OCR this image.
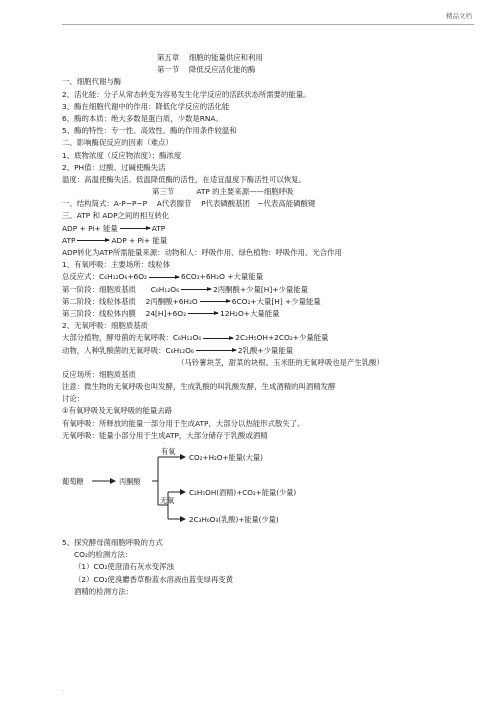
精品文档
第五章　 细胞的能量供应和利用
第一节　 降低反应活化能的酶
一、细胞代谢与酶
2、活化能：分子从常态转变为容易发生化学反应的活跃状态所需要的能量。
3、酶在细胞代谢中的作用：降低化学反应的活化能
6、酶的本质：绝大多数是蛋白质，少数是RNA。
5、酶的特性：专一性、高效性、酶的作用条件较温和
二、影响酶促反应的因素（难点）
1、底物浓度（反应物浓度）；酶浓度
2、PH值：过酸、过碱使酶失活
温度：高温使酶失活。低温降低酶的活性，在适宜温度下酶活性可以恢复。
第三节　　　ATP 的主要来源——细胞呼吸
一、结构简式：A-P~P~P　 A代表腺苷　 P代表磷酸基团　~代表高能磷酸键
三、ATP 和 ADP之间的相互转化
ADP + Pi+ 能量	ATP
ATP	ADP + Pi+ 能量
ADP转化为ATP所需能量来源：动物和人：呼吸作用、绿色植物：呼吸作用、光合作用
1、有氧呼吸：主要场所：线粒体
总反应式：C₆H₁₂O₆+6O₂	6CO₂+6H₂O +大量能量
第一阶段：细胞质基质　　C₆H₁₂O₆	2丙酮酸+少量[H]+少量能量
第二阶段：线粒体基质　 2丙酮酸+6H₂O	6CO₂+大量[H] +少量能量
第三阶段：线粒体内膜　 24[H]+6O₂	12H₂O+大量能量
2、无氧呼吸：细胞质基质
大部分植物，酵母菌的无氧呼吸：C₆H₁₂O₆	2C₂H₅OH+2CO₂+少量能量
动物，人种乳酸菌的无氧呼吸：C₆H₁₂O₆	2乳酸+少量能量
（马铃薯块茎，甜菜的块根、玉米胚的无氧呼吸也是产生乳酸）
反应场所：细胞质基质
注意：微生物的无氧呼吸也叫发酵，生成乳酸的叫乳酸发酵，生成酒精的叫酒精发酵
讨论：
①有氧呼吸及无氧呼吸的能量去路
有氧呼吸：所释放的能量一部分用于生成ATP，大部分以热能形式散失了。
无氧呼吸：能量小部分用于生成ATP，大部分储存于乳酸或酒精
葡萄糖	丙酮酸
有氧
无氧
CO₂+H₂O+能量(大量)
C₂H₅OH(酒精)+CO₂+能量(少量)
2C₃H₆O₃(乳酸)+能量(少量)
5、探究酵母菌细胞呼吸的方式
CO₂的检测方法：
（1）CO₂使澄清石灰水变浑浊
（2）CO₂使溴麝香草酚蓝水溶液由蓝变绿再变黄
酒精的检测方法：
.
